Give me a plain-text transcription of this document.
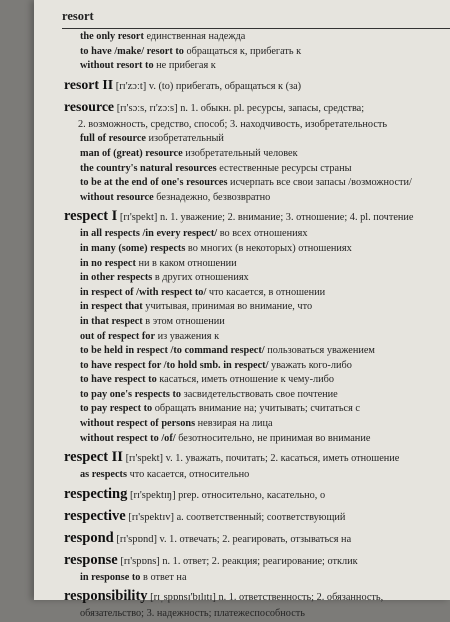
resort
the only resort единственная надежда
to have /make/ resort to обращаться к, прибегать к
without resort to не прибегая к
resort II [rɪ'zɔːt] v. (to) прибегать, обращаться к (за)
resource [rɪ'sɔːs, rɪ'zɔːs] n. 1. обыкн. pl. ресурсы, запасы, средства;
2. возможность, средство, способ; 3. находчивость, изобретательность
full of resource изобретательный
man of (great) resource изобретательный человек
the country's natural resources естественные ресурсы страны
to be at the end of one's resources исчерпать все свои запасы /возможности/
without resource безнадежно, безвозвратно
respect I [rɪ'spekt] n. 1. уважение; 2. внимание; 3. отношение; 4. pl. почтение
in all respects /in every respect/ во всех отношениях
in many (some) respects во многих (в некоторых) отношениях
in no respect ни в каком отношении
in other respects в других отношениях
in respect of /with respect to/ что касается, в отношении
in respect that учитывая, принимая во внимание, что
in that respect в этом отношении
out of respect for из уважения к
to be held in respect /to command respect/ пользоваться уважением
to have respect for /to hold smb. in respect/ уважать кого-либо
to have respect to касаться, иметь отношение к чему-либо
to pay one's respects to засвидетельствовать свое почтение
to pay respect to обращать внимание на; учитывать; считаться с
without respect of persons невзирая на лица
without respect to /of/ безотносительно, не принимая во внимание
respect II [rɪ'spekt] v. 1. уважать, почитать; 2. касаться, иметь отношение
as respects что касается, относительно
respecting [rɪ'spektɪŋ] prep. относительно, касательно, о
respective [rɪ'spektɪv] a. соответственный; соответствующий
respond [rɪ'spɒnd] v. 1. отвечать; 2. реагировать, отзываться на
response [rɪ'spɒns] n. 1. ответ; 2. реакция; реагирование; отклик
in response to в ответ на
responsibility [rɪˌspɒnsɪ'bɪlɪtɪ] n. 1. ответственность; 2. обязанность,
обязательство; 3. надежность; платежеспособность
